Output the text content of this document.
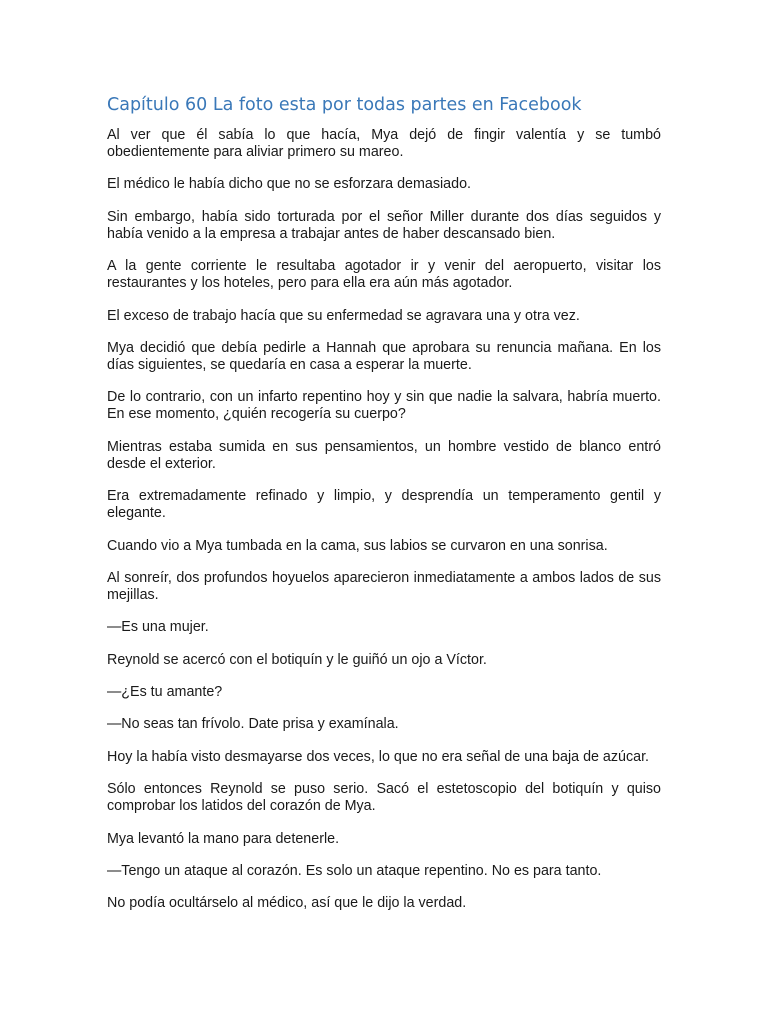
Capítulo 60 La foto esta por todas partes en Facebook

Al ver que él sabía lo que hacía, Mya dejó de fingir valentía y se tumbó obedientemente para aliviar primero su mareo.

El médico le había dicho que no se esforzara demasiado.

Sin embargo, había sido torturada por el señor Miller durante dos días seguidos y había venido a la empresa a trabajar antes de haber descansado bien.

A la gente corriente le resultaba agotador ir y venir del aeropuerto, visitar los restaurantes y los hoteles, pero para ella era aún más agotador.

El exceso de trabajo hacía que su enfermedad se agravara una y otra vez.

Mya decidió que debía pedirle a Hannah que aprobara su renuncia mañana. En los días siguientes, se quedaría en casa a esperar la muerte.

De lo contrario, con un infarto repentino hoy y sin que nadie la salvara, habría muerto. En ese momento, ¿quién recogería su cuerpo?

Mientras estaba sumida en sus pensamientos, un hombre vestido de blanco entró desde el exterior.

Era extremadamente refinado y limpio, y desprendía un temperamento gentil y elegante.

Cuando vio a Mya tumbada en la cama, sus labios se curvaron en una sonrisa.

Al sonreír, dos profundos hoyuelos aparecieron inmediatamente a ambos lados de sus mejillas.

—Es una mujer.

Reynold se acercó con el botiquín y le guiñó un ojo a Víctor.

—¿Es tu amante?

—No seas tan frívolo. Date prisa y examínala.

Hoy la había visto desmayarse dos veces, lo que no era señal de una baja de azúcar.

Sólo entonces Reynold se puso serio. Sacó el estetoscopio del botiquín y quiso comprobar los latidos del corazón de Mya.

Mya levantó la mano para detenerle.

—Tengo un ataque al corazón. Es solo un ataque repentino. No es para tanto.

No podía ocultárselo al médico, así que le dijo la verdad.
